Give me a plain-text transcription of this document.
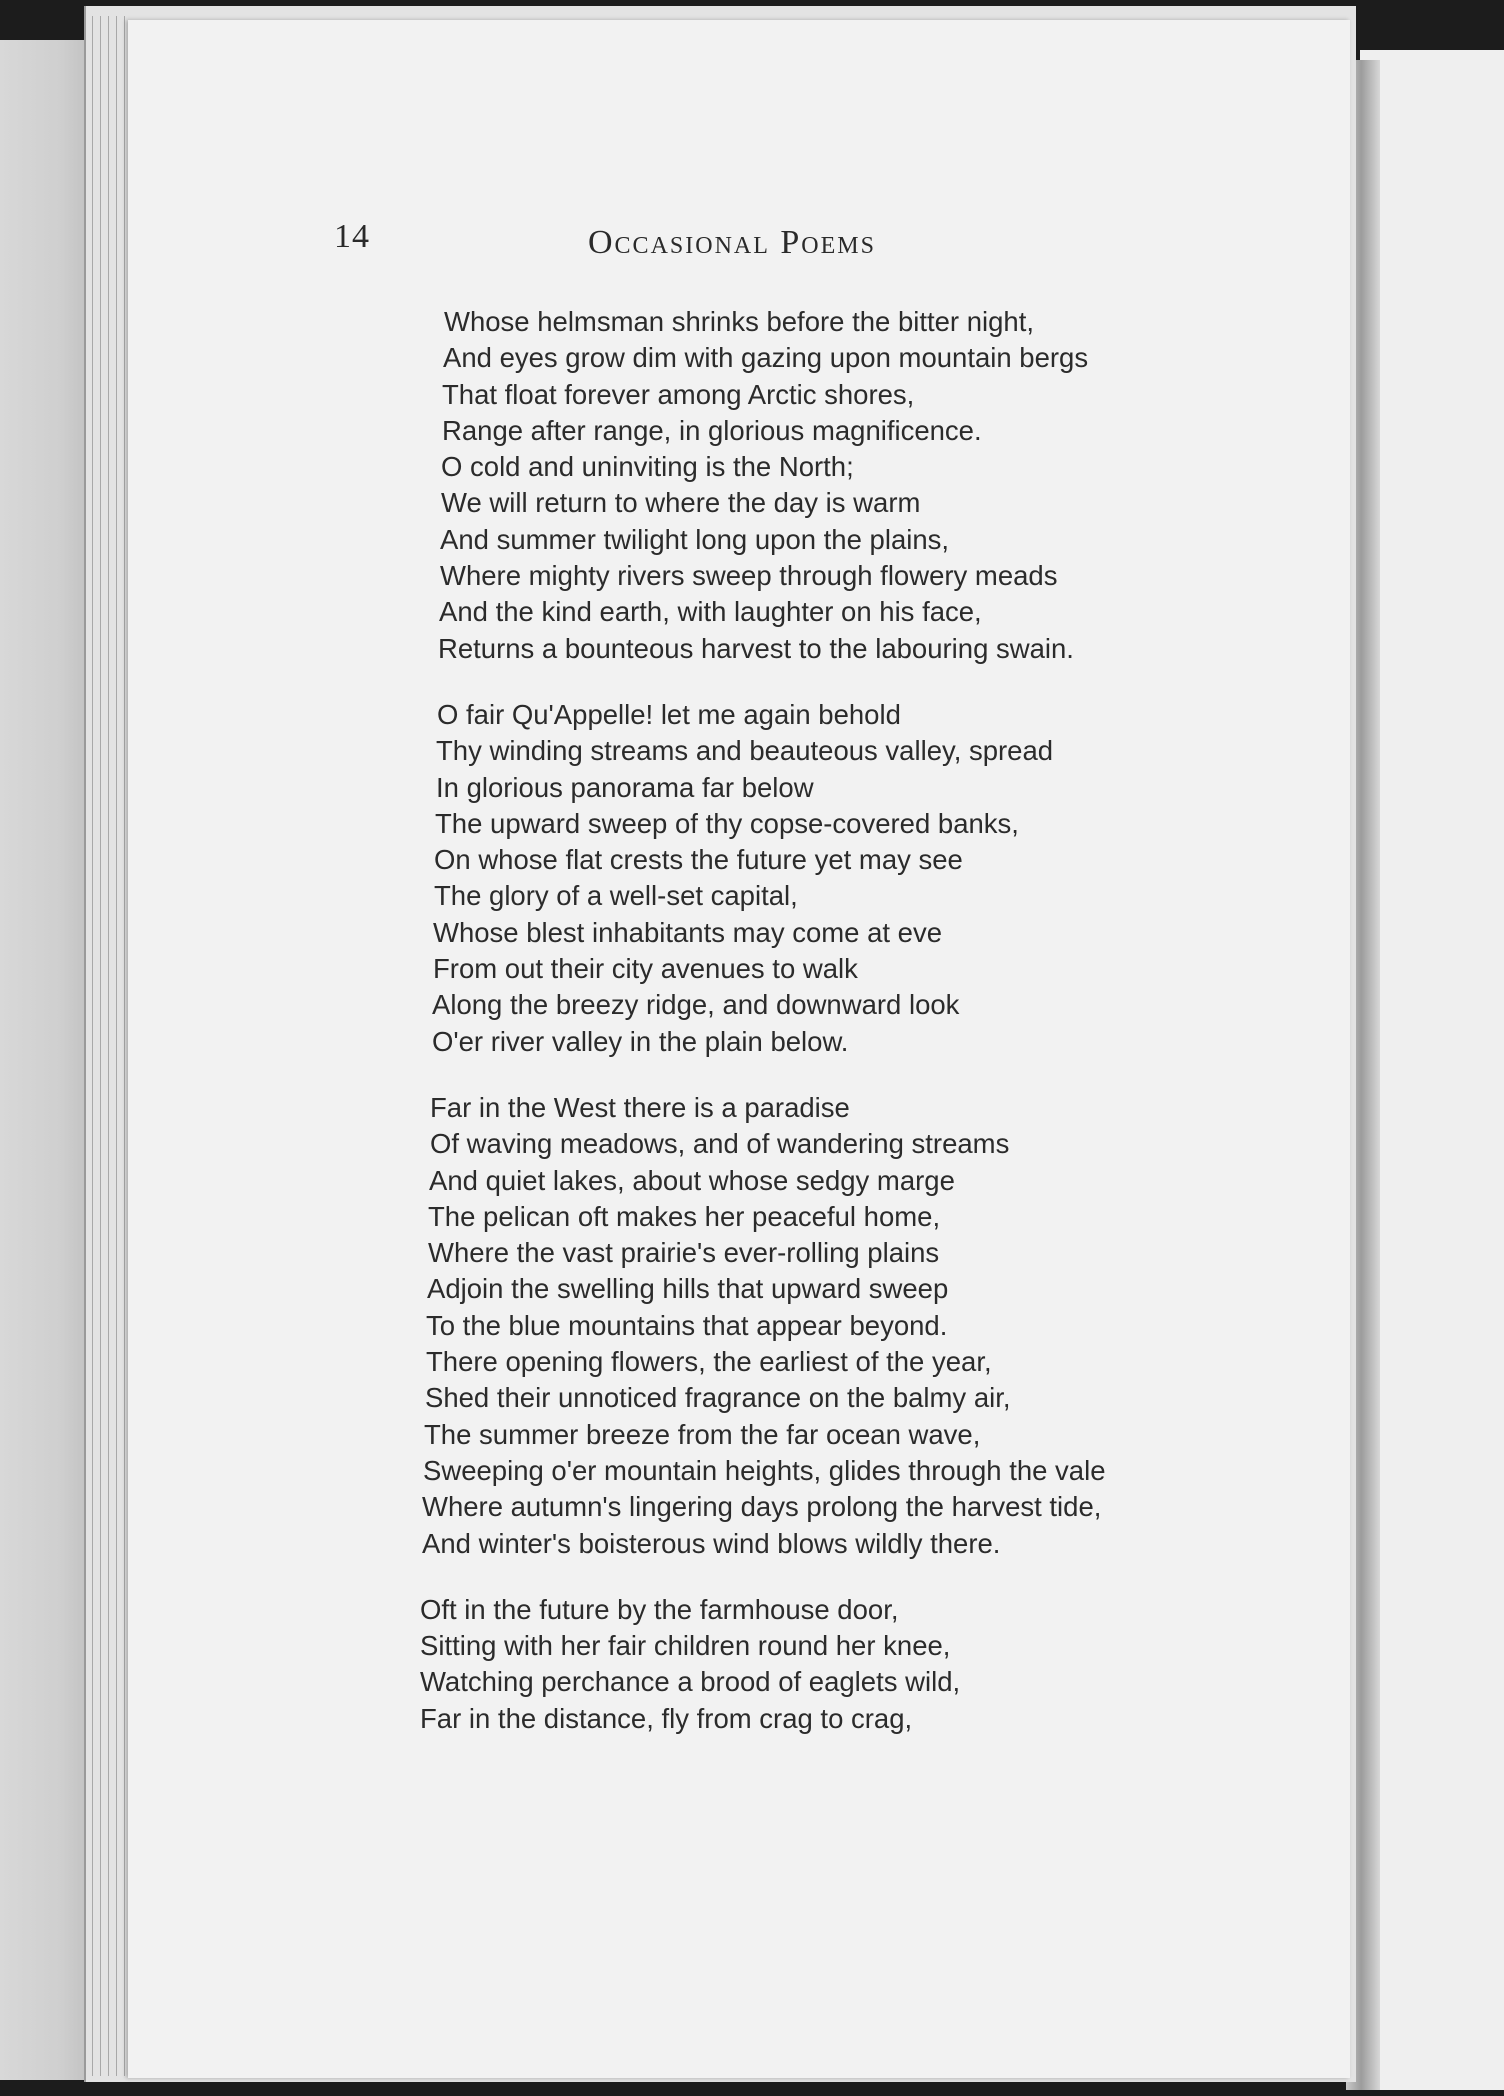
14	Occasional Poems
Whose helmsman shrinks before the bitter night,
And eyes grow dim with gazing upon mountain bergs
That float forever among Arctic shores,
Range after range, in glorious magnificence.
O cold and uninviting is the North;
We will return to where the day is warm
And summer twilight long upon the plains,
Where mighty rivers sweep through flowery meads
And the kind earth, with laughter on his face,
Returns a bounteous harvest to the labouring swain.
O fair Qu'Appelle! let me again behold
Thy winding streams and beauteous valley, spread
In glorious panorama far below
The upward sweep of thy copse-covered banks,
On whose flat crests the future yet may see
The glory of a well-set capital,
Whose blest inhabitants may come at eve
From out their city avenues to walk
Along the breezy ridge, and downward look
O'er river valley in the plain below.
Far in the West there is a paradise
Of waving meadows, and of wandering streams
And quiet lakes, about whose sedgy marge
The pelican oft makes her peaceful home,
Where the vast prairie's ever-rolling plains
Adjoin the swelling hills that upward sweep
To the blue mountains that appear beyond.
There opening flowers, the earliest of the year,
Shed their unnoticed fragrance on the balmy air,
The summer breeze from the far ocean wave,
Sweeping o'er mountain heights, glides through the vale
Where autumn's lingering days prolong the harvest tide,
And winter's boisterous wind blows wildly there.
Oft in the future by the farmhouse door,
Sitting with her fair children round her knee,
Watching perchance a brood of eaglets wild,
Far in the distance, fly from crag to crag,
